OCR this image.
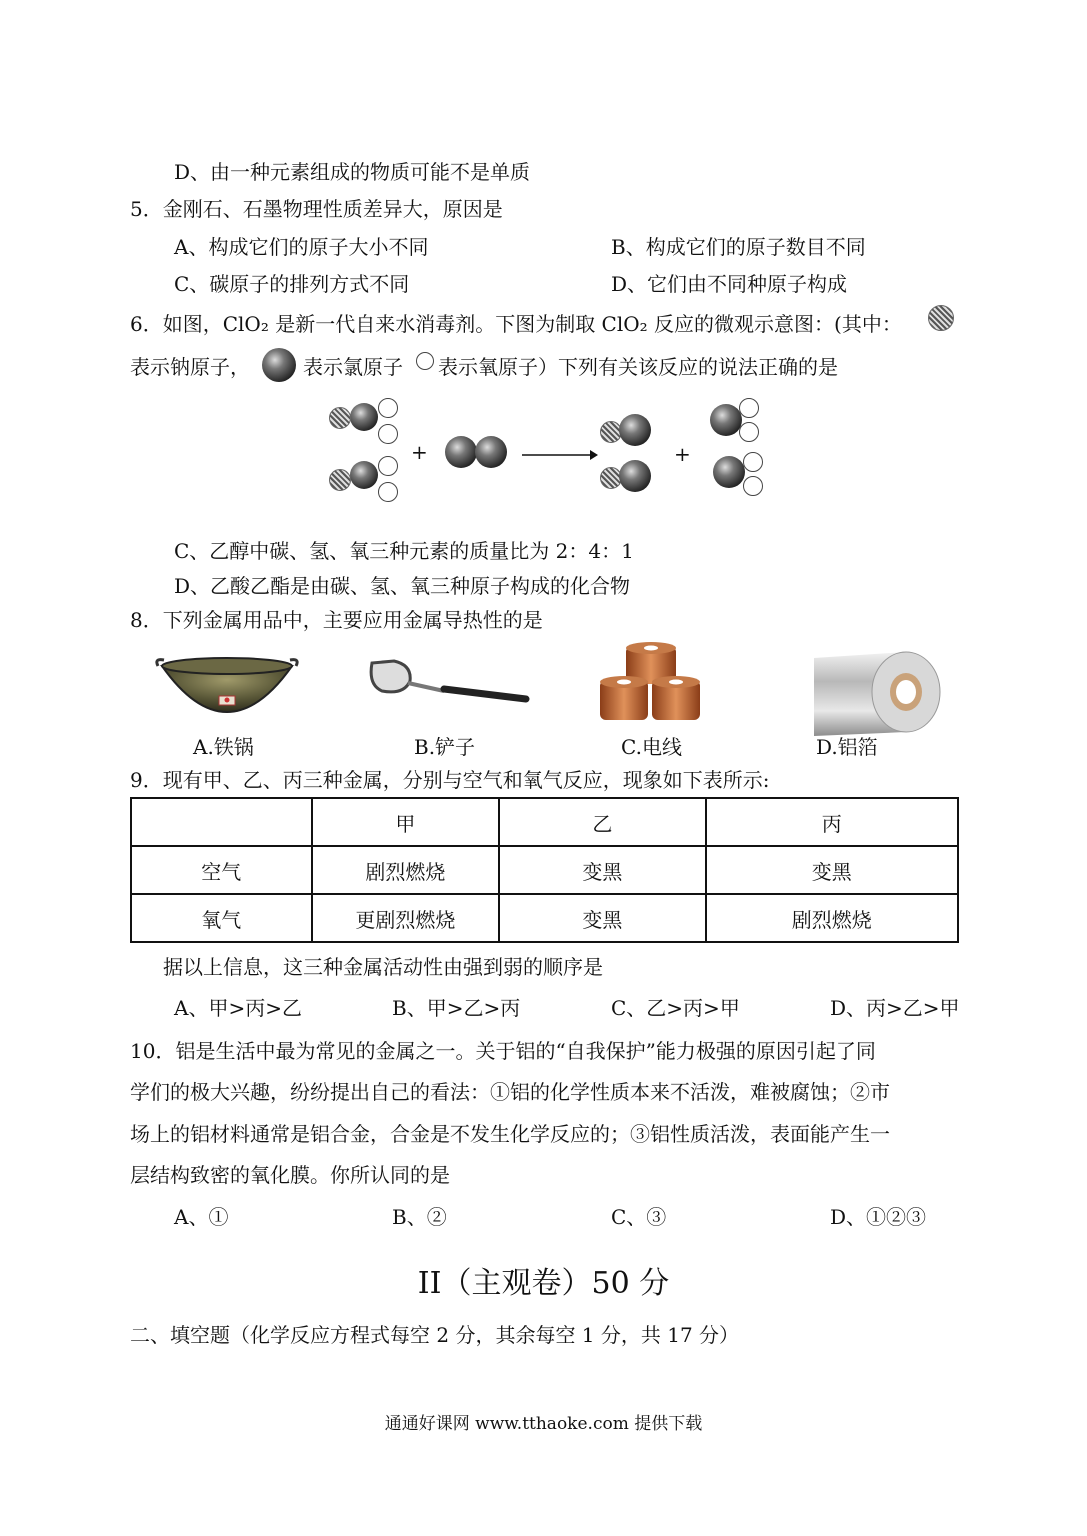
D、由一种元素组成的物质可能不是单质
5．金刚石、石墨物理性质差异大，原因是
A、构成它们的原子大小不同	B、构成它们的原子数目不同
C、碳原子的排列方式不同	D、它们由不同种原子构成
6．如图，ClO₂ 是新一代自来水消毒剂。下图为制取 ClO₂ 反应的微观示意图：(其中：
表示钠原子，	表示氯原子 表示氧原子）下列有关该反应的说法正确的是
+	+
C、乙醇中碳、氢、氧三种元素的质量比为 2：4：1
D、乙酸乙酯是由碳、氢、氧三种原子构成的化合物
8．下列金属用品中，主要应用金属导热性的是
A.铁锅	B.铲子	C.电线	D.铝箔
9．现有甲、乙、丙三种金属，分别与空气和氧气反应，现象如下表所示:
	甲	乙	丙
空气	剧烈燃烧	变黑	变黑
氧气	更剧烈燃烧	变黑	剧烈燃烧
据以上信息，这三种金属活动性由强到弱的顺序是
A、甲>丙>乙	B、甲>乙>丙	C、乙>丙>甲	D、丙>乙>甲
10．铝是生活中最为常见的金属之一。关于铝的“自我保护”能力极强的原因引起了同
学们的极大兴趣，纷纷提出自己的看法：①铝的化学性质本来不活泼，难被腐蚀；②市
场上的铝材料通常是铝合金，合金是不发生化学反应的；③铝性质活泼，表面能产生一
层结构致密的氧化膜。你所认同的是
A、①	B、②	C、③	D、①②③
II（主观卷）50 分
二、填空题（化学反应方程式每空 2 分，其余每空 1 分，共 17 分）
通通好课网 www.tthaoke.com 提供下载
